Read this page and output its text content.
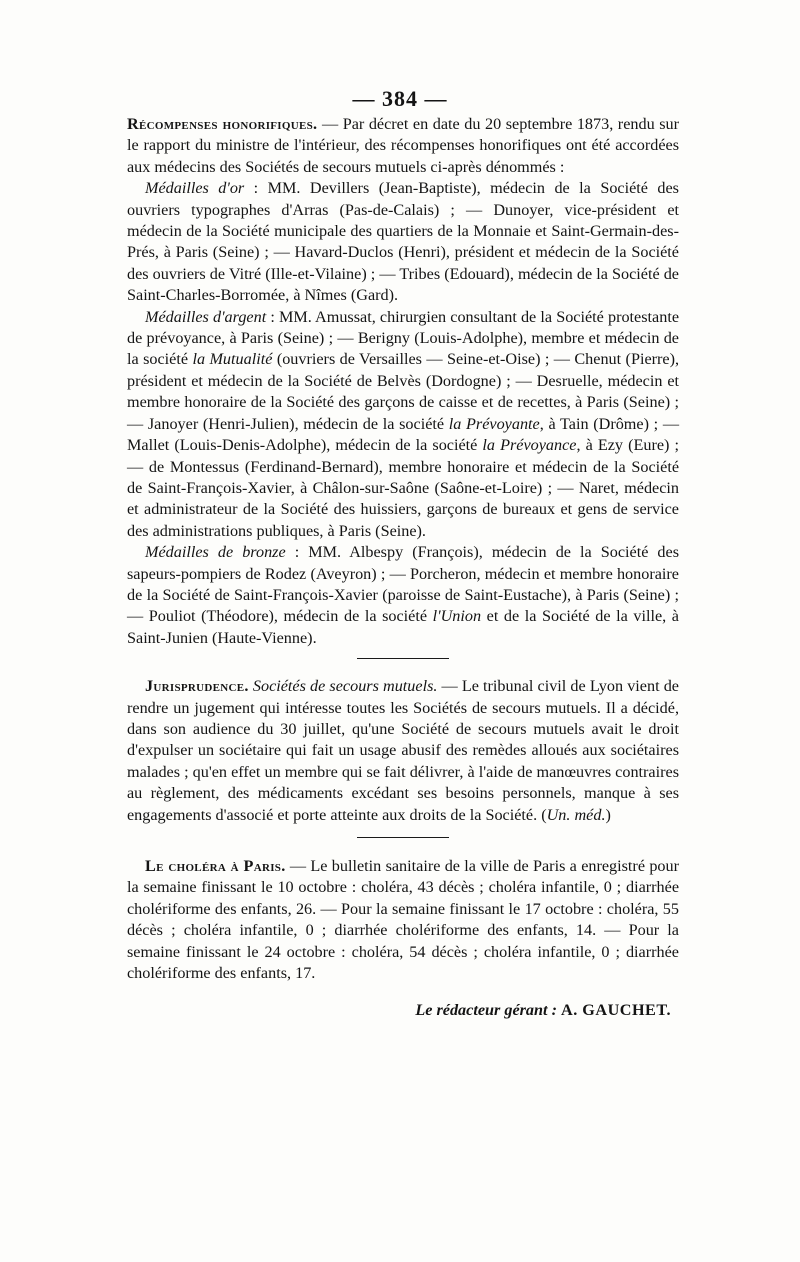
— 384 —

Récompenses honorifiques. — Par décret en date du 20 septembre 1873, rendu sur le rapport du ministre de l'intérieur, des récompenses honorifiques ont été accordées aux médecins des Sociétés de secours mutuels ci-après dénommés :

Médailles d'or : MM. Devillers (Jean-Baptiste), médecin de la Société des ouvriers typographes d'Arras (Pas-de-Calais) ; — Dunoyer, vice-président et médecin de la Société municipale des quartiers de la Monnaie et Saint-Germain-des-Prés, à Paris (Seine) ; — Havard-Duclos (Henri), président et médecin de la Société des ouvriers de Vitré (Ille-et-Vilaine) ; — Tribes (Edouard), médecin de la Société de Saint-Charles-Borromée, à Nîmes (Gard).

Médailles d'argent : MM. Amussat, chirurgien consultant de la Société protestante de prévoyance, à Paris (Seine) ; — Berigny (Louis-Adolphe), membre et médecin de la société la Mutualité (ouvriers de Versailles — Seine-et-Oise) ; — Chenut (Pierre), président et médecin de la Société de Belvès (Dordogne) ; — Desruelle, médecin et membre honoraire de la Société des garçons de caisse et de recettes, à Paris (Seine) ; — Janoyer (Henri-Julien), médecin de la société la Prévoyante, à Tain (Drôme) ; — Mallet (Louis-Denis-Adolphe), médecin de la société la Prévoyance, à Ezy (Eure) ; — de Montessus (Ferdinand-Bernard), membre honoraire et médecin de la Société de Saint-François-Xavier, à Châlon-sur-Saône (Saône-et-Loire) ; — Naret, médecin et administrateur de la Société des huissiers, garçons de bureaux et gens de service des administrations publiques, à Paris (Seine).

Médailles de bronze : MM. Albespy (François), médecin de la Société des sapeurs-pompiers de Rodez (Aveyron) ; — Porcheron, médecin et membre honoraire de la Société de Saint-François-Xavier (paroisse de Saint-Eustache), à Paris (Seine) ; — Pouliot (Théodore), médecin de la société l'Union et de la Société de la ville, à Saint-Junien (Haute-Vienne).

Jurisprudence. Sociétés de secours mutuels. — Le tribunal civil de Lyon vient de rendre un jugement qui intéresse toutes les Sociétés de secours mutuels. Il a décidé, dans son audience du 30 juillet, qu'une Société de secours mutuels avait le droit d'expulser un sociétaire qui fait un usage abusif des remèdes alloués aux sociétaires malades ; qu'en effet un membre qui se fait délivrer, à l'aide de manœuvres contraires au règlement, des médicaments excédant ses besoins personnels, manque à ses engagements d'associé et porte atteinte aux droits de la Société. (Un. méd.)

Le choléra à Paris. — Le bulletin sanitaire de la ville de Paris a enregistré pour la semaine finissant le 10 octobre : choléra, 43 décès ; choléra infantile, 0 ; diarrhée cholériforme des enfants, 26. — Pour la semaine finissant le 17 octobre : choléra, 55 décès ; choléra infantile, 0 ; diarrhée cholériforme des enfants, 14. — Pour la semaine finissant le 24 octobre : choléra, 54 décès ; choléra infantile, 0 ; diarrhée cholériforme des enfants, 17.

Le rédacteur gérant : A. GAUCHET.
